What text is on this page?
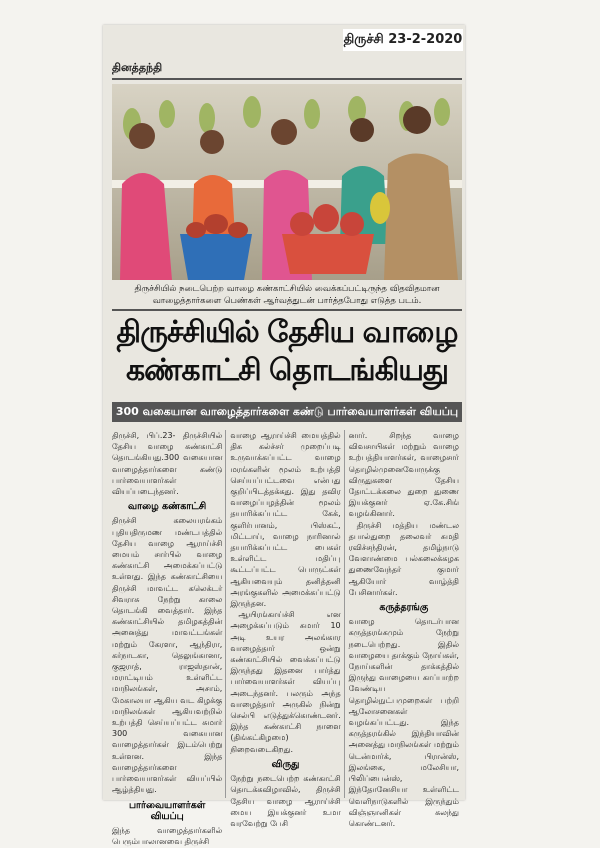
திருச்சி 23-2-2020
தினத்தந்தி
திருச்சியில் நடைபெற்ற வாழை கண்காட்சியில் வைக்கப்பட்டிருந்த விதவிதமான வாழைத்தார்களை பெண்கள் ஆர்வத்துடன் பார்த்தபோது எடுத்த படம்.
திருச்சியில் தேசிய வாழை
கண்காட்சி தொடங்கியது
300 வகையான வாழைத்தார்களை கண்டு பார்வையாளர்கள் வியப்பு
திருச்சி, பிப்.23- திருச்சியில் தேசிய வாழை கண்காட்சி தொடங்கியது.300 வகையான வாழைத்தார்களை கண்டு பார்வையாளர்கள் வியப்படைந்தனர்.
வாழை கண்காட்சி
திருச்சி கலையரங்கம் புதியதிருமண மண்டபத்தில் தேசிய வாழை ஆராய்ச்சி மையம் சார்பில் வாழை கண்காட்சி அமைக்கப்பட்டு உள்ளது. இந்த கண்காட்சியை திருச்சி மாவட்ட கலெக்டர் சிவராசு நேற்று காலை தொடங்கி வைத்தார். இந்த கண்காட்சியில் தமிழகத்தின் அனைத்து மாவட்டங்கள் மற்றும் கேரளா, ஆந்திரா, கர்நாடகா, தெலுங்கானா, குஜராத், ராஜஸ்தான், மராட்டியம் உள்ளிட்ட மாநிலங்கள், அசாம், மேகாலயா ஆகிய வட கிழக்கு மாநிலங்கள் ஆகியவற்றில் உற்பத்தி செய்யப்பட்ட சுமார் 300 வகையான வாழைத்தார்கள் இடம்பெற்று உள்ளன. இந்த வாழைத்தார்களை பார்வையாளர்கள் வியப்பில் ஆழ்த்தியது.
பார்வையாளர்கள் வியப்பு
இந்த வாழைத்தார்களில் பெரும்பாலானவை திருச்சி
வாழை ஆராய்ச்சி மையத்தில் திசு கல்ச்சர் முறைப்படி உருவாக்கப்பட்ட வாழை மரங்களின் மூலம் உற்பத்தி செய்யப்பட்டவை என்பது குறிப்பிடத்தக்கது. இது தவிர வாழைப்பழத்தின் மூலம் தயாரிக்கப்பட்ட கேக், குளிர்பானம், பிஸ்கட், மிட்டாய், வாழை நாரினால் தயாரிக்கப்பட்ட பைகள் உள்ளிட்ட மதிப்பு கூட்டப்பட்ட பொருட்கள் ஆகியவையும் தனித்தனி அரங்குகளில் அமைக்கப்பட்டு இருந்தன.
ஆயிரங்காய்ச்சி என அழைக்கப்படும் சுமார் 10 அடி உயர அலங்கார வாழைத்தார் ஒன்று கண்காட்சியில் வைக்கப்பட்டு இருந்தது இதனை பார்த்து பார்வையாளர்கள் வியப்பு அடைந்தனர். பலரும் அந்த வாழைத்தார் அருகில் நின்று செல்பி எடுத்துக்கொண்டனர். இந்த கண்காட்சி நாளை (திங்கட்கிழமை) நிறைவடைகிறது.
விருது
நேற்று நடைபெற்ற கண்காட்சி தொடக்கவிழாவில், திருச்சி தேசிய வாழை ஆராய்ச்சி மைய இயக்குனர் உமா வரவேற்று பேசி
னார். சிறந்த வாழை விவசாயிகள் மற்றும் வாழை உற்பத்தியாளர்கள், வாழைசார் தொழில்முனைவோருக்கு விருதுகளை தேசிய தோட்டக்கலை துறை துணை இயக்குனர் ஏ.கே.சிங் வழங்கினார்.
திருச்சி மத்திய மண்டல தபால்துறை தலைவர் சுமதி ரவிச்சந்திரன், தமிழ்நாடு வேளாண்மை பல்கலைக்கழக துணைவேந்தர் குமார் ஆகியோர் வாழ்த்தி பேசினார்கள்.
கருத்தரங்கு
வாழை தொடர்பான கருத்தரங்கமும் நேற்று நடைபெற்றது. இதில் வாழையை தாக்கும் நோய்கள், நோய்களின் தாக்கத்தில் இருந்து வாழையை காப்பாற்ற வேண்டிய தொழில்நுட்பமுறைகள் பற்றி ஆலோசனைகள் வழங்கப்பட்டது. இந்த கருத்தரங்கில் இந்தியாவின் அனைத்து மாநிலங்கள் மற்றும் டென்மார்க், பிரான்ஸ், இலங்கை, மலேசியா, பிலிப்பைன்ஸ், இந்தோனேசியா உள்ளிட்ட வெளிநாடுகளில் இருந்தும் விஞ்ஞானிகள் கலந்து கொண்டனர்.
